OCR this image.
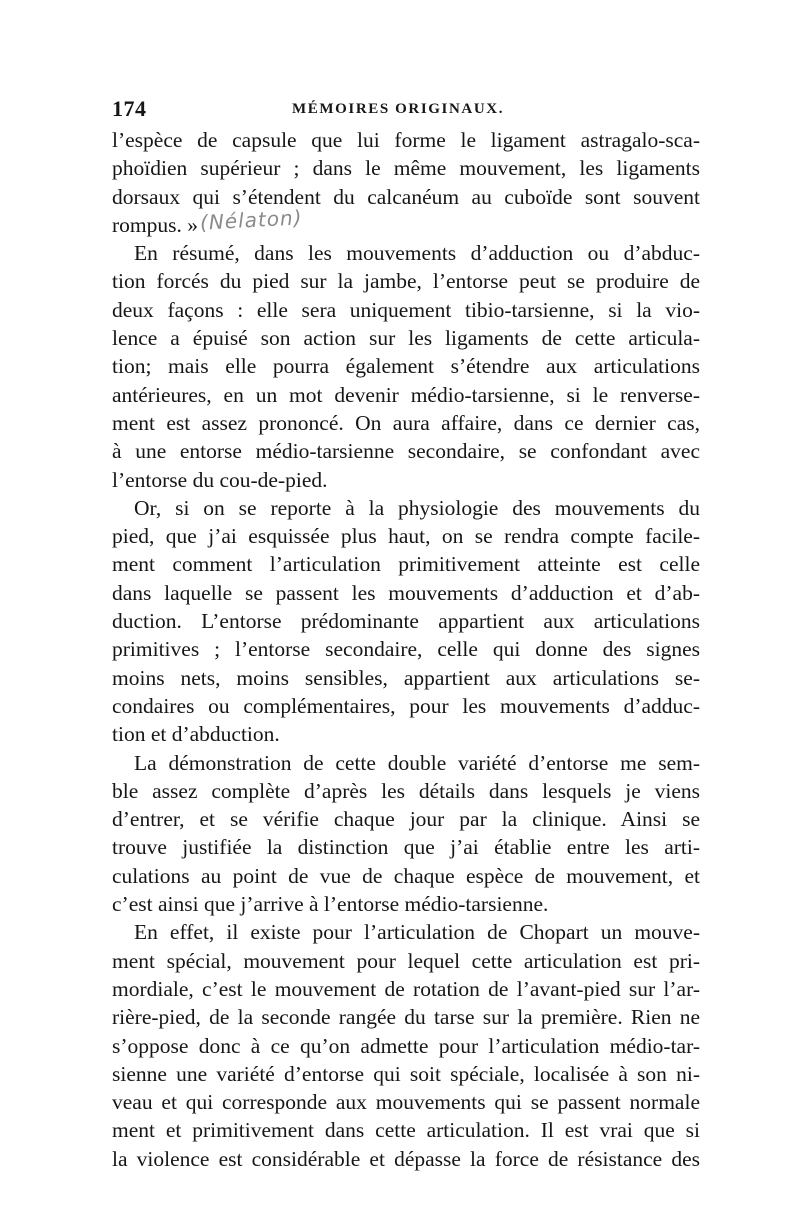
174	MÉMOIRES ORIGINAUX.
(Nélaton)
l’espèce de capsule que lui forme le ligament astragalo-sca-
phoïdien supérieur ; dans le même mouvement, les ligaments
dorsaux qui s’étendent du calcanéum au cuboïde sont souvent
rompus. »
En résumé, dans les mouvements d’adduction ou d’abduc-
tion forcés du pied sur la jambe, l’entorse peut se produire de
deux façons : elle sera uniquement tibio-tarsienne, si la vio-
lence a épuisé son action sur les ligaments de cette articula-
tion; mais elle pourra également s’étendre aux articulations
antérieures, en un mot devenir médio-tarsienne, si le renverse-
ment est assez prononcé. On aura affaire, dans ce dernier cas,
à une entorse médio-tarsienne secondaire, se confondant avec
l’entorse du cou-de-pied.
Or, si on se reporte à la physiologie des mouvements du
pied, que j’ai esquissée plus haut, on se rendra compte facile-
ment comment l’articulation primitivement atteinte est celle
dans laquelle se passent les mouvements d’adduction et d’ab-
duction. L’entorse prédominante appartient aux articulations
primitives ; l’entorse secondaire, celle qui donne des signes
moins nets, moins sensibles, appartient aux articulations se-
condaires ou complémentaires, pour les mouvements d’adduc-
tion et d’abduction.
La démonstration de cette double variété d’entorse me sem-
ble assez complète d’après les détails dans lesquels je viens
d’entrer, et se vérifie chaque jour par la clinique. Ainsi se
trouve justifiée la distinction que j’ai établie entre les arti-
culations au point de vue de chaque espèce de mouvement, et
c’est ainsi que j’arrive à l’entorse médio-tarsienne.
En effet, il existe pour l’articulation de Chopart un mouve-
ment spécial, mouvement pour lequel cette articulation est pri-
mordiale, c’est le mouvement de rotation de l’avant-pied sur l’ar-
rière-pied, de la seconde rangée du tarse sur la première. Rien ne
s’oppose donc à ce qu’on admette pour l’articulation médio-tar-
sienne une variété d’entorse qui soit spéciale, localisée à son ni-
veau et qui corresponde aux mouvements qui se passent normale
ment et primitivement dans cette articulation. Il est vrai que si
la violence est considérable et dépasse la force de résistance des
